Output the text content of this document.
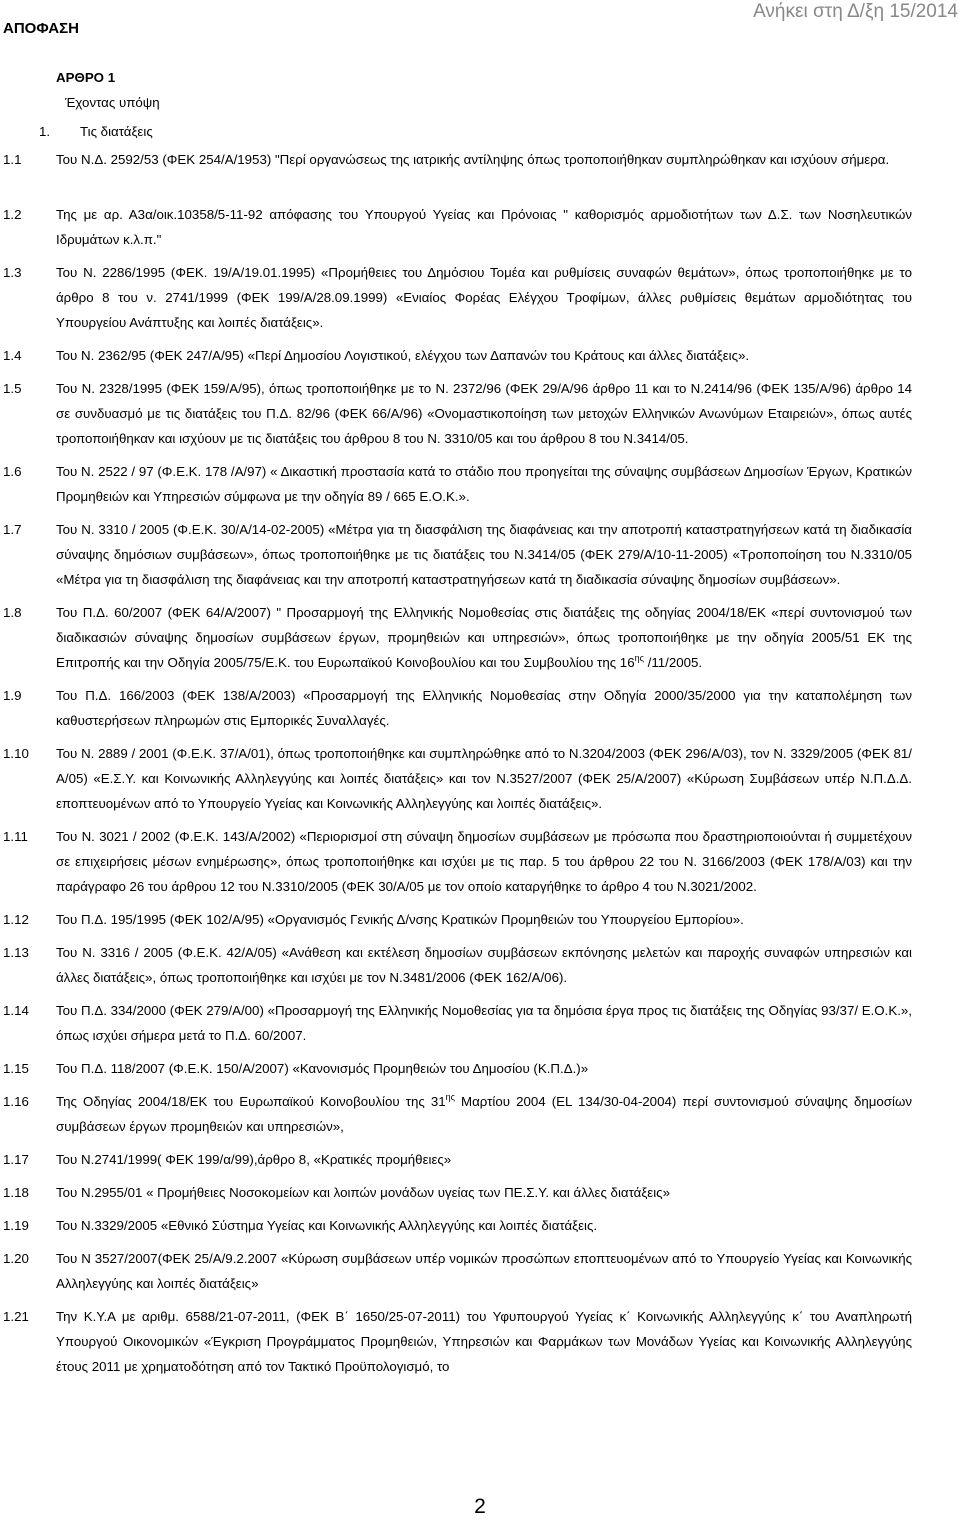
ΑΠΟΦΑΣΗ
Ανήκει στη Δ/ξη 15/2014
ΑΡΘΡΟ 1
Έχοντας υπόψη
1. Τις διατάξεις
1.1	Του Ν.Δ. 2592/53 (ΦΕΚ 254/Α/1953) "Περί οργανώσεως της ιατρικής αντίληψης όπως τροποποιήθηκαν συμπληρώθηκαν και ισχύουν σήμερα.
1.2	Της με αρ. Α3α/οικ.10358/5-11-92 απόφασης του Υπουργού Υγείας και Πρόνοιας " καθορισμός αρμοδιοτήτων των Δ.Σ. των Νοσηλευτικών Ιδρυμάτων κ.λ.π."
1.3	Του Ν. 2286/1995 (ΦΕΚ. 19/Α/19.01.1995) «Προμήθειες του Δημόσιου Τομέα και ρυθμίσεις συναφών θεμάτων», όπως τροποποιήθηκε με το άρθρο 8 του ν. 2741/1999 (ΦΕΚ 199/Α/28.09.1999) «Ενιαίος Φορέας Ελέγχου Τροφίμων, άλλες ρυθμίσεις θεμάτων αρμοδιότητας του Υπουργείου Ανάπτυξης και λοιπές διατάξεις».
1.4	Του Ν. 2362/95 (ΦΕΚ 247/Α/95) «Περί Δημοσίου Λογιστικού, ελέγχου των Δαπανών του Κράτους και άλλες διατάξεις».
1.5	Του Ν. 2328/1995 (ΦΕΚ 159/Α/95), όπως τροποποιήθηκε με το Ν. 2372/96 (ΦΕΚ 29/Α/96 άρθρο 11 και το Ν.2414/96 (ΦΕΚ 135/Α/96) άρθρο 14 σε συνδυασμό με τις διατάξεις του Π.Δ. 82/96 (ΦΕΚ 66/Α/96) «Ονομαστικοποίηση των μετοχών Ελληνικών Ανωνύμων Εταιρειών», όπως αυτές τροποποιήθηκαν και ισχύουν με τις διατάξεις του άρθρου 8 του Ν. 3310/05 και του άρθρου 8 του Ν.3414/05.
1.6	Του Ν. 2522 / 97 (Φ.Ε.Κ. 178 /Α/97) « Δικαστική προστασία κατά το στάδιο που προηγείται της σύναψης συμβάσεων Δημοσίων Έργων, Κρατικών Προμηθειών και Υπηρεσιών σύμφωνα με την οδηγία 89 / 665 Ε.Ο.Κ.».
1.7	Του Ν. 3310 / 2005 (Φ.Ε.Κ. 30/Α/14-02-2005) «Μέτρα για τη διασφάλιση της διαφάνειας και την αποτροπή καταστρατηγήσεων κατά τη διαδικασία σύναψης δημόσιων συμβάσεων», όπως τροποποιήθηκε με τις διατάξεις του Ν.3414/05 (ΦΕΚ 279/Α/10-11-2005) «Τροποποίηση του Ν.3310/05 «Μέτρα για τη διασφάλιση της διαφάνειας και την αποτροπή καταστρατηγήσεων κατά τη διαδικασία σύναψης δημοσίων συμβάσεων».
1.8	Του Π.Δ. 60/2007 (ΦΕΚ 64/Α/2007) " Προσαρμογή της Ελληνικής Νομοθεσίας στις διατάξεις της οδηγίας 2004/18/ΕΚ «περί συντονισμού των διαδικασιών σύναψης δημοσίων συμβάσεων έργων, προμηθειών και υπηρεσιών», όπως τροποποιήθηκε με την οδηγία 2005/51 ΕΚ της Επιτροπής και την Οδηγία 2005/75/Ε.Κ. του Ευρωπαϊκού Κοινοβουλίου και του Συμβουλίου της $16^{\eta\varsigma}$ /11/2005.
1.9	Του Π.Δ. 166/2003 (ΦΕΚ 138/Α/2003) «Προσαρμογή της Ελληνικής Νομοθεσίας στην Οδηγία 2000/35/2000 για την καταπολέμηση των καθυστερήσεων πληρωμών στις Εμπορικές Συναλλαγές.
1.10	Του Ν. 2889 / 2001 (Φ.Ε.Κ. 37/Α/01), όπως τροποποιήθηκε και συμπληρώθηκε από το Ν.3204/2003 (ΦΕΚ 296/Α/03), τον Ν. 3329/2005 (ΦΕΚ 81/Α/05) «Ε.Σ.Υ. και Κοινωνικής Αλληλεγγύης και λοιπές διατάξεις» και τον Ν.3527/2007 (ΦΕΚ 25/Α/2007) «Κύρωση Συμβάσεων υπέρ Ν.Π.Δ.Δ. εποπτευομένων από το Υπουργείο Υγείας και Κοινωνικής Αλληλεγγύης και λοιπές διατάξεις».
1.11	Του Ν. 3021 / 2002 (Φ.Ε.Κ. 143/Α/2002) «Περιορισμοί στη σύναψη δημοσίων συμβάσεων με πρόσωπα που δραστηριοποιούνται ή συμμετέχουν σε επιχειρήσεις μέσων ενημέρωσης», όπως τροποποιήθηκε και ισχύει με τις παρ. 5 του άρθρου 22 του Ν. 3166/2003 (ΦΕΚ 178/Α/03) και την παράγραφο 26 του άρθρου 12 του Ν.3310/2005 (ΦΕΚ 30/Α/05 με τον οποίο καταργήθηκε το άρθρο 4 του Ν.3021/2002.
1.12	Του Π.Δ. 195/1995 (ΦΕΚ 102/Α/95) «Οργανισμός Γενικής Δ/νσης Κρατικών Προμηθειών του Υπουργείου Εμπορίου».
1.13	Του Ν. 3316 / 2005 (Φ.Ε.Κ. 42/Α/05) «Ανάθεση και εκτέλεση δημοσίων συμβάσεων εκπόνησης μελετών και παροχής συναφών υπηρεσιών και άλλες διατάξεις», όπως τροποποιήθηκε και ισχύει με τον Ν.3481/2006 (ΦΕΚ 162/Α/06).
1.14	Του Π.Δ. 334/2000 (ΦΕΚ 279/Α/00) «Προσαρμογή της Ελληνικής Νομοθεσίας για τα δημόσια έργα προς τις διατάξεις της Οδηγίας 93/37/ Ε.Ο.Κ.», όπως ισχύει σήμερα μετά το Π.Δ. 60/2007.
1.15	Του Π.Δ. 118/2007 (Φ.Ε.Κ. 150/Α/2007) «Κανονισμός Προμηθειών του Δημοσίου (Κ.Π.Δ.)»
1.16	Της Οδηγίας 2004/18/ΕΚ του Ευρωπαϊκού Κοινοβουλίου της $31^{\eta\varsigma}$ Μαρτίου 2004 (EL 134/30-04-2004) περί συντονισμού σύναψης δημοσίων συμβάσεων έργων προμηθειών και υπηρεσιών»,
1.17	Του Ν.2741/1999( ΦΕΚ 199/α/99),άρθρο 8, «Κρατικές προμήθειες»
1.18	Του Ν.2955/01 « Προμήθειες Νοσοκομείων και λοιπών μονάδων υγείας των ΠΕ.Σ.Υ. και άλλες διατάξεις»
1.19	Του Ν.3329/2005 «Εθνικό Σύστημα Υγείας και Κοινωνικής Αλληλεγγύης και λοιπές διατάξεις.
1.20	Του Ν 3527/2007(ΦΕΚ 25/Α/9.2.2007 «Κύρωση συμβάσεων υπέρ νομικών προσώπων εποπτευομένων από το Υπουργείο Υγείας και Κοινωνικής Αλληλεγγύης και λοιπές διατάξεις»
1.21	Την Κ.Υ.Α με αριθμ. 6588/21-07-2011, (ΦΕΚ Β΄ 1650/25-07-2011) του Υφυπουργού Υγείας κ΄ Κοινωνικής Αλληλεγγύης κ΄ του Αναπληρωτή Υπουργού Οικονομικών «Έγκριση Προγράμματος Προμηθειών, Υπηρεσιών και Φαρμάκων των Μονάδων Υγείας και Κοινωνικής Αλληλεγγύης έτους 2011 με χρηματοδότηση από τον Τακτικό Προϋπολογισμό, το
2
